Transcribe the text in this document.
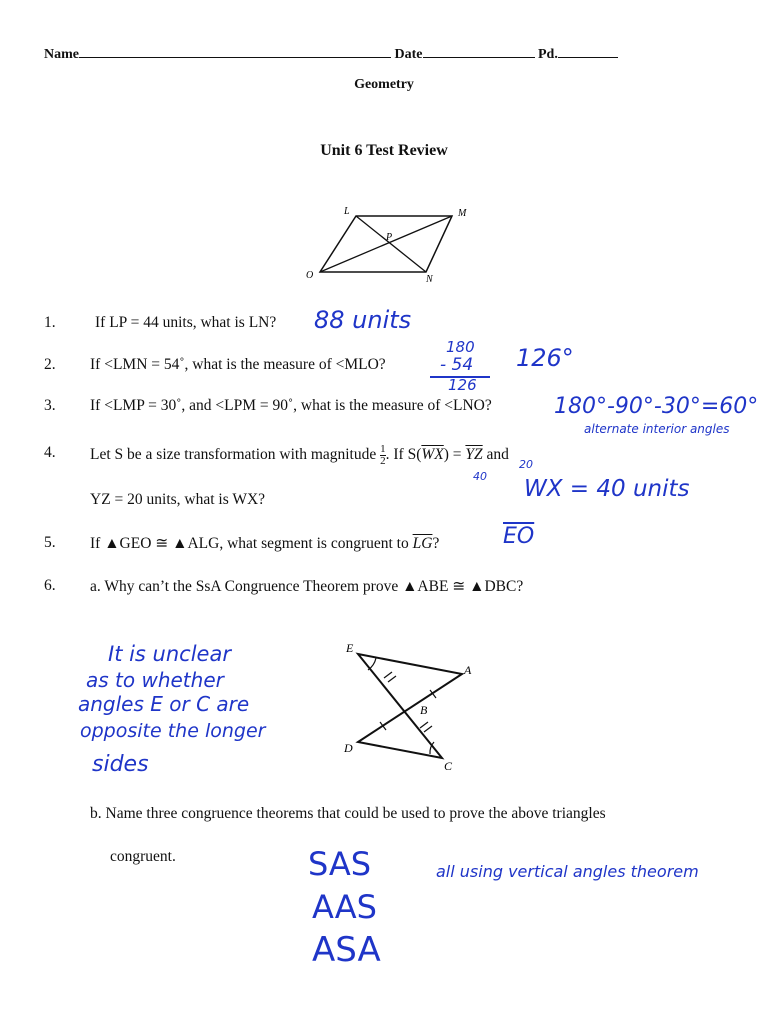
Name	Date	Pd.
Geometry
Unit 6 Test Review
L	M
P
O	N
1.	If LP = 44 units, what is LN? 88 units
2. If <LMN = 54˚, what is the measure of <MLO?
180
- 54
126
126°
3. If <LMP = 30˚, and <LPM = 90˚, what is the measure of <LNO?	180°-90°-30°=60°
alternate interior angles
4. Let S be a size transformation with magnitude $\frac{1}{2}$ . If $S(\overline{WX}) = \overline{YZ}$ and
40
20
YZ = 20 units, what is WX?	WX = 40 units
5. If ▲GEO ≅ ▲ALG, what segment is congruent to $\overline{LG}$?	$\overline{EO}$
6. a. Why can’t the SsA Congruence Theorem prove ▲ABE ≅ ▲DBC?
It is unclear
as to whether
angles E or C are
opposite the longer
sides
E
A
B
D
C
b. Name three congruence theorems that could be used to prove the above triangles
congruent.	SAS
AAS
ASA
all using vertical angles theorem
